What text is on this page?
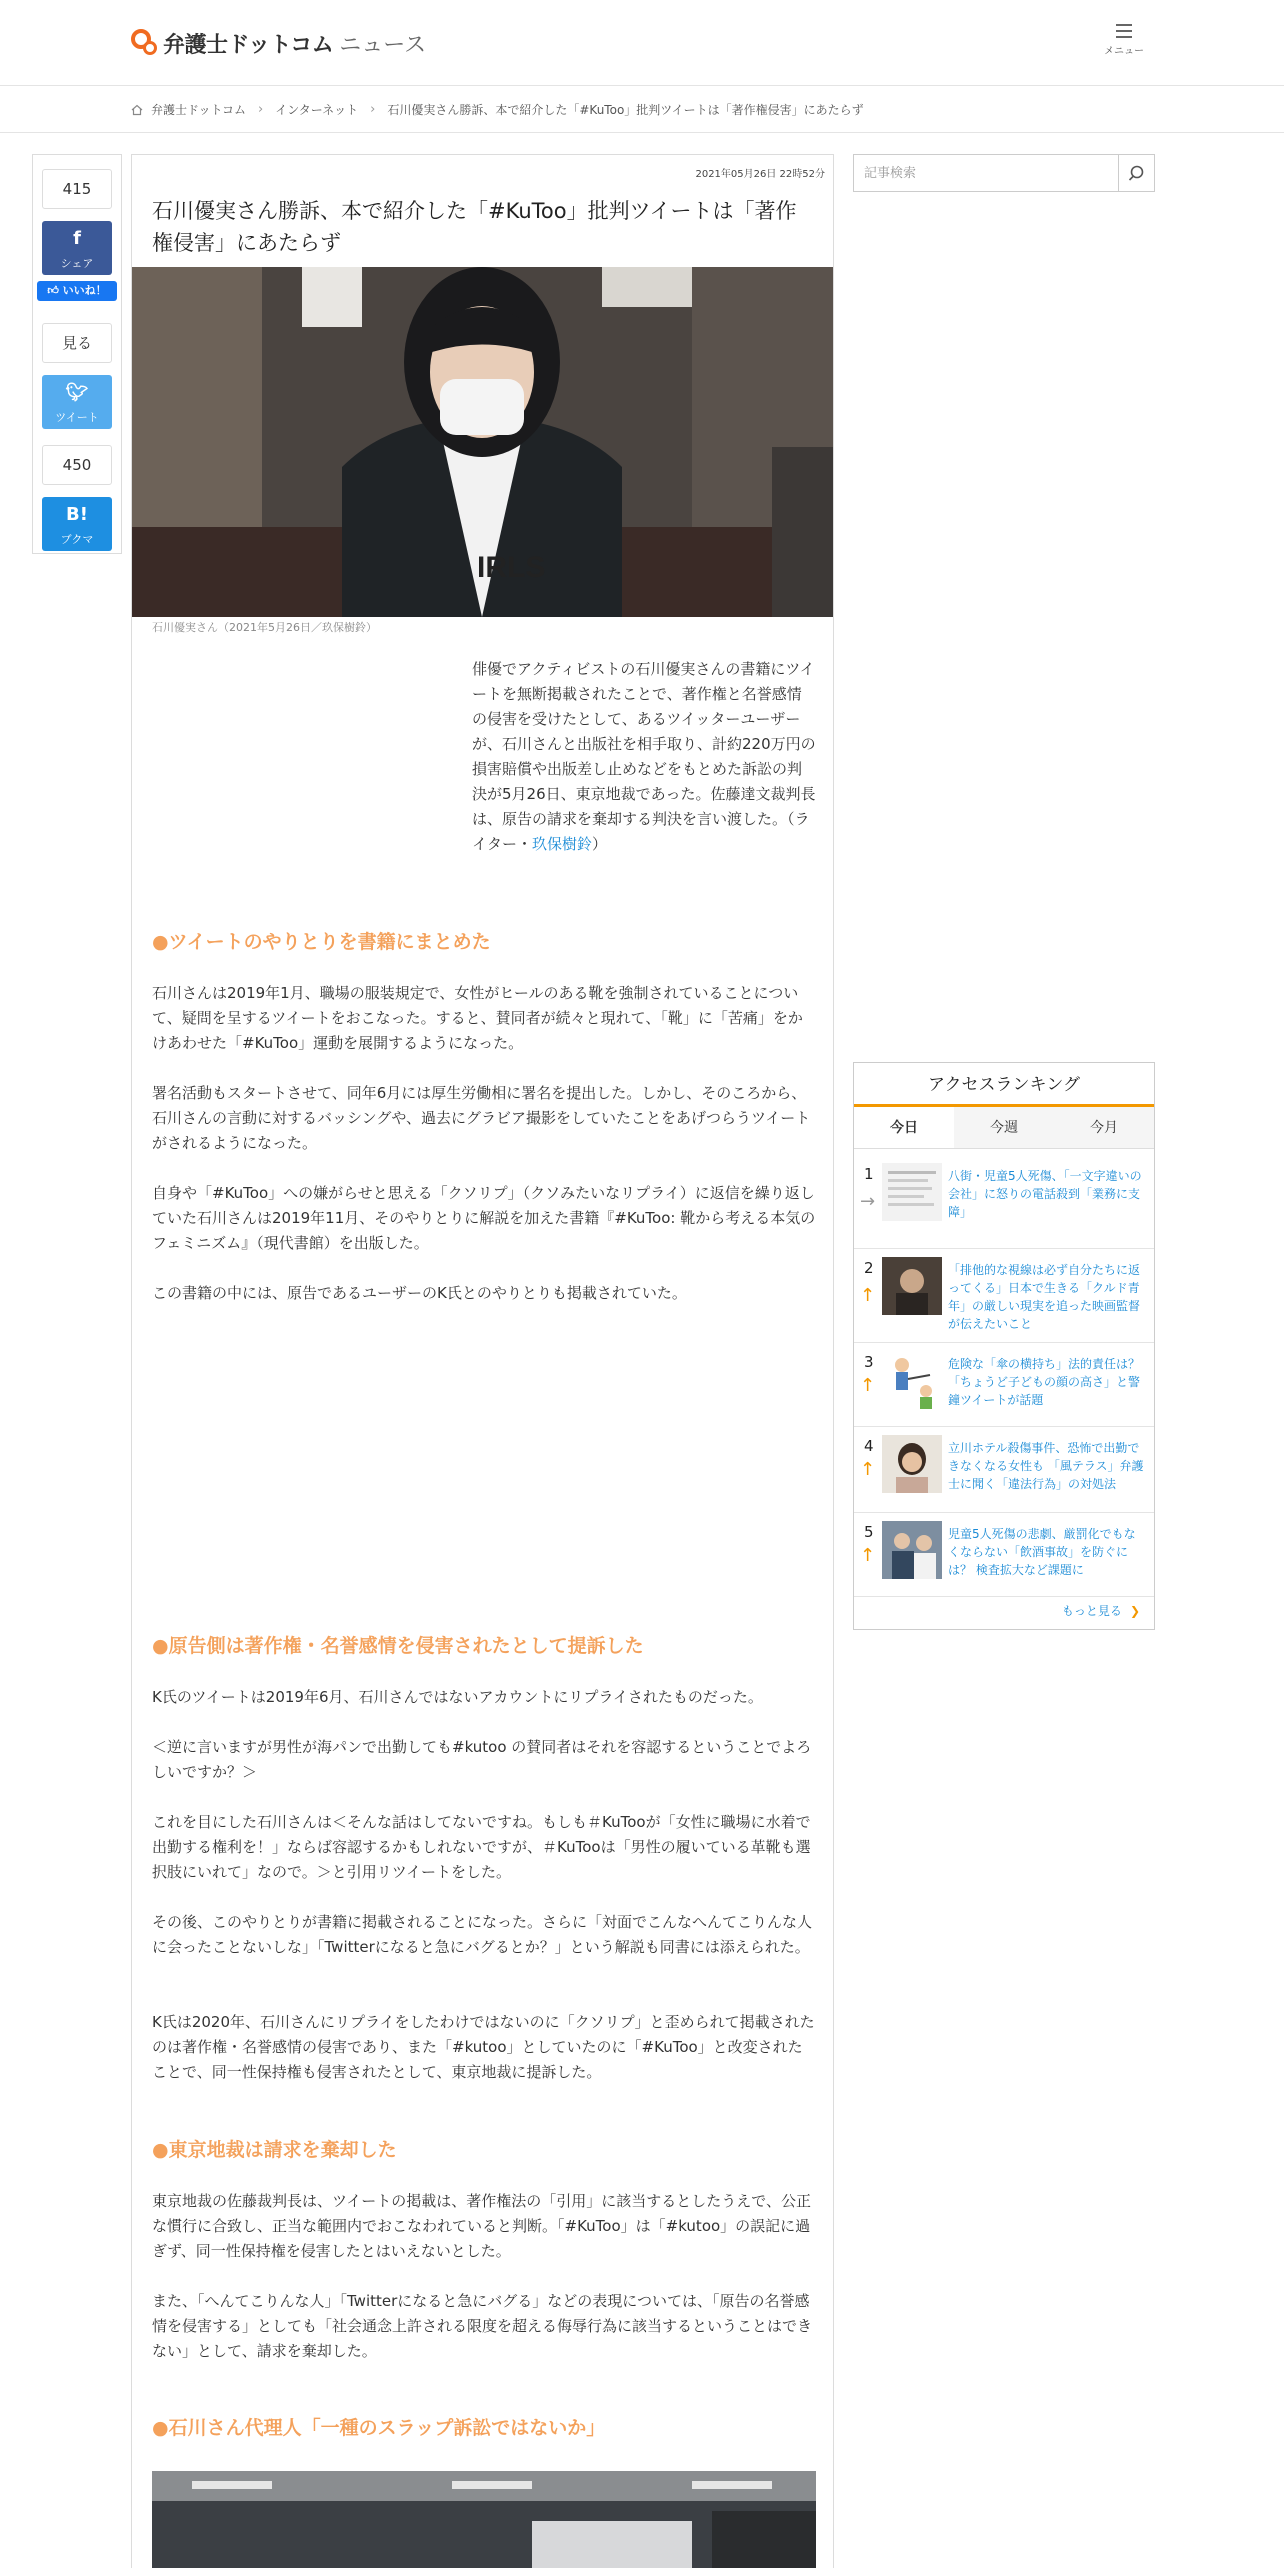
弁護士ドットコム ニュース	メニュー
弁護士ドットコム › インターネット › 石川優実さん勝訴、本で紹介した「#KuToo」批判ツイートは「著作権侵害」にあたらず
415
f
シェア
👍︎ いいね！
見る
🐦︎
ツイート
450
B!
ブクマ
2021年05月26日 22時52分
石川優実さん勝訴、本で紹介した「#KuToo」批判ツイートは「著作権侵害」にあたらず
IRLS
石川優実さん（2021年5月26日／玖保樹鈴）

俳優でアクティビストの石川優実さんの書籍にツイートを無断掲載されたことで、著作権と名誉感情の侵害を受けたとして、あるツイッターユーザーが、石川さんと出版社を相手取り、計約220万円の損害賠償や出版差し止めなどをもとめた訴訟の判決が5月26日、東京地裁であった。佐藤達文裁判長は、原告の請求を棄却する判決を言い渡した。（ライター・玖保樹鈴）

●ツイートのやりとりを書籍にまとめた

石川さんは2019年1月、職場の服装規定で、女性がヒールのある靴を強制されていることについて、疑問を呈するツイートをおこなった。すると、賛同者が続々と現れて、「靴」に「苦痛」をかけあわせた「#KuToo」運動を展開するようになった。

署名活動もスタートさせて、同年6月には厚生労働相に署名を提出した。しかし、そのころから、石川さんの言動に対するバッシングや、過去にグラビア撮影をしていたことをあげつらうツイートがされるようになった。

自身や「#KuToo」への嫌がらせと思える「クソリプ」（クソみたいなリプライ）に返信を繰り返していた石川さんは2019年11月、そのやりとりに解説を加えた書籍『#KuToo: 靴から考える本気のフェミニズム』（現代書館）を出版した。

この書籍の中には、原告であるユーザーのK氏とのやりとりも掲載されていた。

●原告側は著作権・名誉感情を侵害されたとして提訴した

K氏のツイートは2019年6月、石川さんではないアカウントにリプライされたものだった。

＜逆に言いますが男性が海パンで出勤しても#kutoo の賛同者はそれを容認するということでよろしいですか？＞

これを目にした石川さんは＜そんな話はしてないですね。もしも＃KuTooが「女性に職場に水着で出勤する権利を！」ならば容認するかもしれないですが、＃KuTooは「男性の履いている革靴も選択肢にいれて」なので。＞と引用リツイートをした。

その後、このやりとりが書籍に掲載されることになった。さらに「対面でこんなへんてこりんな人に会ったことないしな」「Twitterになると急にバグるとか？」という解説も同書には添えられた。

K氏は2020年、石川さんにリプライをしたわけではないのに「クソリプ」と歪められて掲載されたのは著作権・名誉感情の侵害であり、また「#kutoo」としていたのに「#KuToo」と改変されたことで、同一性保持権も侵害されたとして、東京地裁に提訴した。

●東京地裁は請求を棄却した

東京地裁の佐藤裁判長は、ツイートの掲載は、著作権法の「引用」に該当するとしたうえで、公正な慣行に合致し、正当な範囲内でおこなわれていると判断。「#KuToo」は「#kutoo」の誤記に過ぎず、同一性保持権を侵害したとはいえないとした。

また、「へんてこりんな人」「Twitterになると急にバグる」などの表現については、「原告の名誉感情を侵害する」としても「社会通念上許される限度を超える侮辱行為に該当するということはできない」として、請求を棄却した。

●石川さん代理人「一種のスラップ訴訟ではないか」
記事検索
アクセスランキング
今日	今週	今月
1
→
八街・児童5人死傷、「一文字違いの会社」に怒りの電話殺到「業務に支障」
2
↑
「排他的な視線は必ず自分たちに返ってくる」日本で生きる「クルド青年」の厳しい現実を追った映画監督が伝えたいこと
3
↑
危険な「傘の横持ち」法的責任は？ 「ちょうど子どもの顔の高さ」と警鐘ツイートが話題
4
↑
立川ホテル殺傷事件、恐怖で出勤できなくなる女性も 「風テラス」弁護士に聞く「違法行為」の対処法
5
↑
児童5人死傷の悲劇、厳罰化でもなくならない「飲酒事故」を防ぐには？ 検査拡大など課題に
もっと見る ❯
